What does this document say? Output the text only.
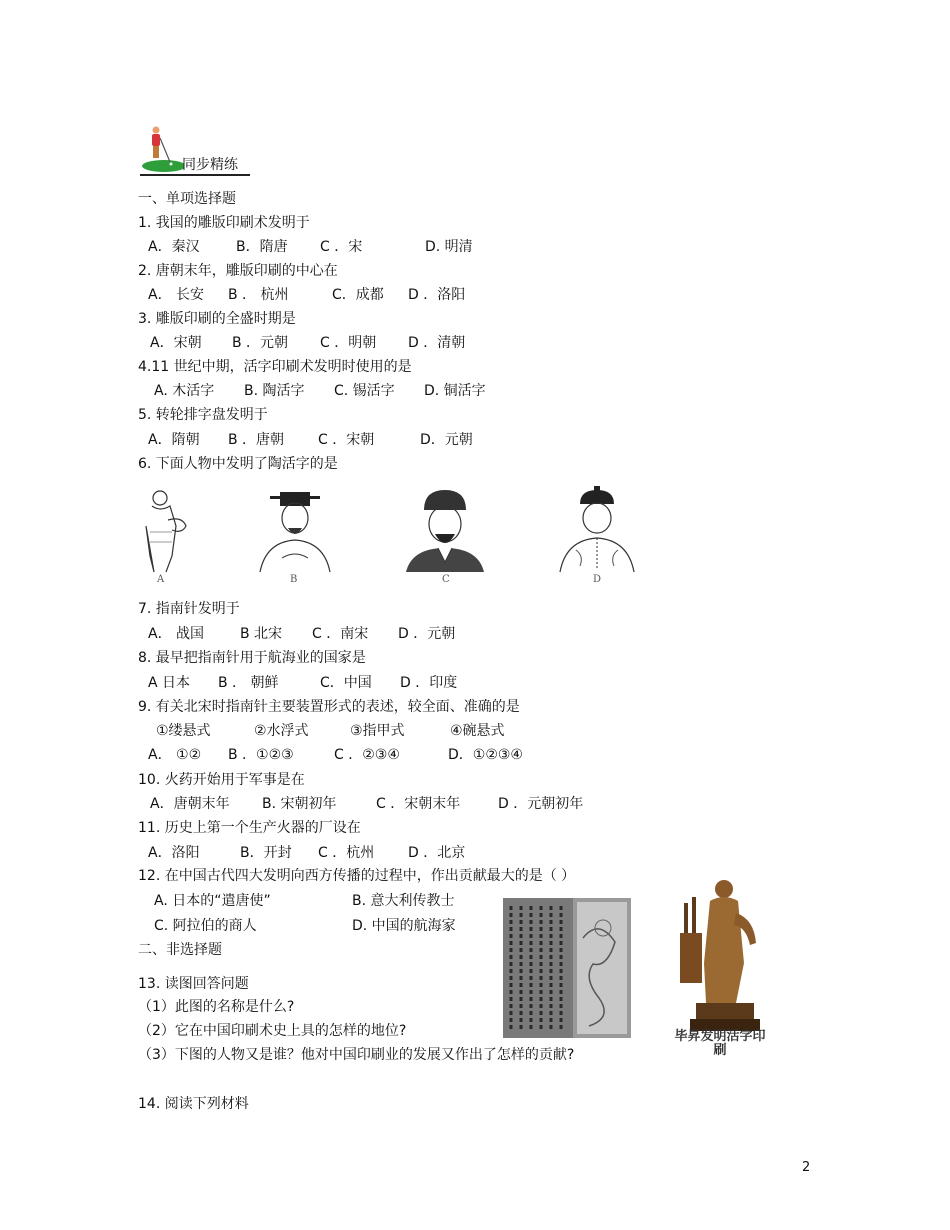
同步精练
一、单项选择题
1. 我国的雕版印刷术发明于
A．秦汉	B．隋唐 C ．宋	D. 明清
2. 唐朝末年，雕版印刷的中心在
A． 长安 B ． 杭州	C．成都 D ．洛阳
3. 雕版印刷的全盛时期是
A．宋朝 B ．元朝 C ．明朝 D ．清朝
4.11 世纪中期，活字印刷术发明时使用的是
A. 木活字 B. 陶活字 C. 锡活字 D. 铜活字
5. 转轮排字盘发明于
A．隋朝 B ．唐朝 C ．宋朝	D．元朝
6. 下面人物中发明了陶活字的是
A	B	C	D
7. 指南针发明于
A． 战国	B 北宋 C ．南宋 D ．元朝
8. 最早把指南针用于航海业的国家是
A 日本 B ． 朝鲜	C．中国 D ．印度
9. 有关北宋时指南针主要装置形式的表述，较全面、准确的是
①缕悬式	②水浮式	③指甲式	④碗悬式
A． ①② B ．①②③	C ．②③④	D．①②③④
10. 火药开始用于军事是在
A．唐朝末年 B. 宋朝初年	C ．宋朝末年	D ．元朝初年
11. 历史上第一个生产火器的厂设在
A．洛阳	B．开封 C ．杭州 D ．北京
12. 在中国古代四大发明向西方传播的过程中，作出贡献最大的是（ ）
A. 日本的“遣唐使”	B. 意大利传教士
C. 阿拉伯的商人	D. 中国的航海家
二、非选择题
13. 读图回答问题
（1）此图的名称是什么?
（2）它在中国印刷术史上具的怎样的地位?
（3）下图的人物又是谁？他对中国印刷业的发展又作出了怎样的贡献?
毕昇发明活字印刷
14. 阅读下列材料
2
